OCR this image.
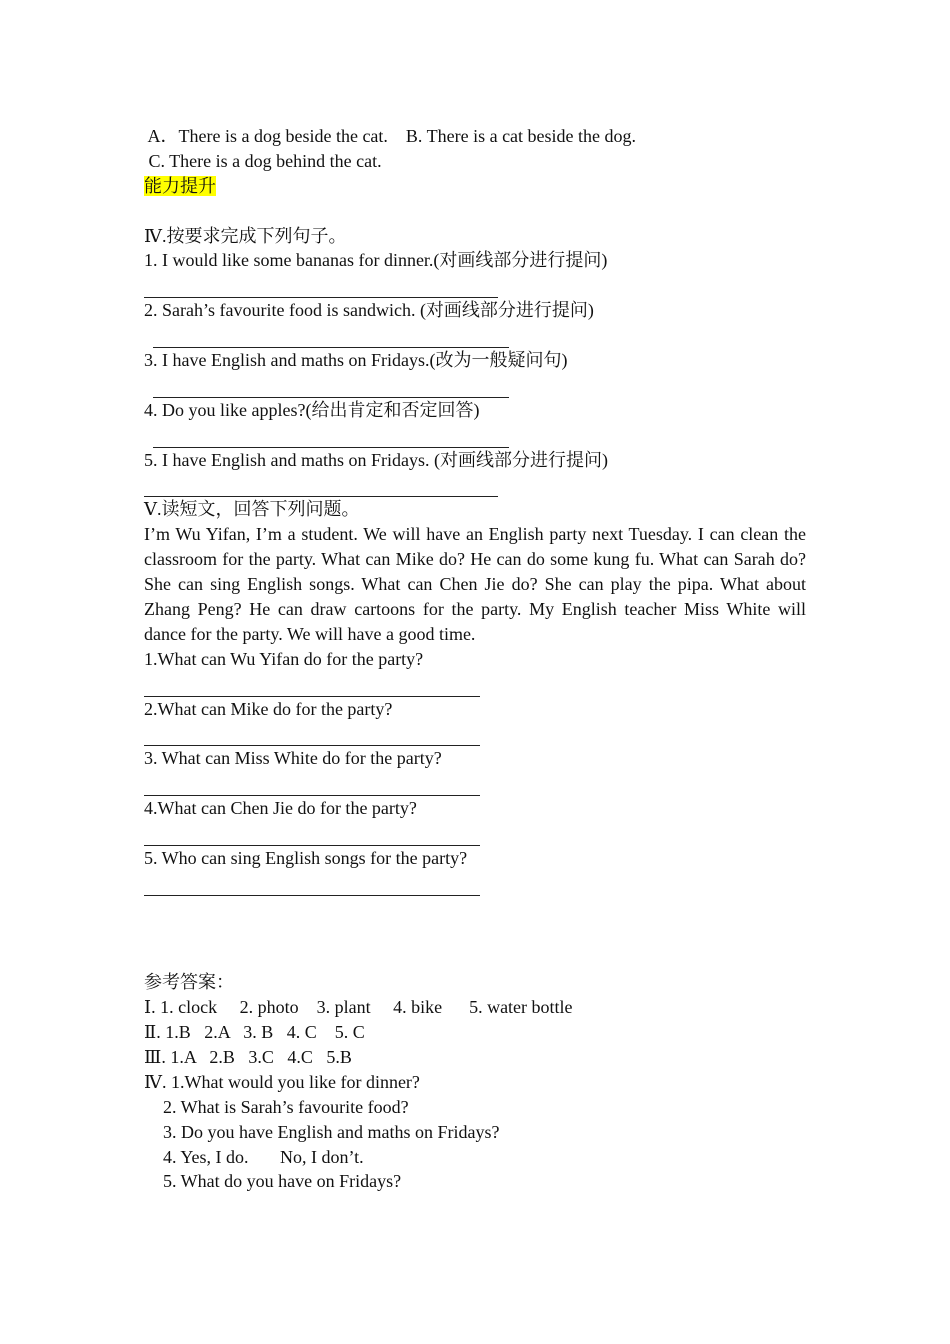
A．There is a dog beside the cat.    B. There is a cat beside the dog.
C. There is a dog behind the cat.
能力提升
Ⅳ.按要求完成下列句子。
1. I would like some bananas for dinner.(对画线部分进行提问)
2. Sarah’s favourite food is sandwich. (对画线部分进行提问)
3. I have English and maths on Fridays.(改为一般疑问句)
4. Do you like apples?(给出肯定和否定回答)
5. I have English and maths on Fridays. (对画线部分进行提问)
Ⅴ.读短文，回答下列问题。
I’m Wu Yifan, I’m a student. We will have an English party next Tuesday. I can clean the classroom for the party. What can Mike do? He can do some kung fu. What can Sarah do? She can sing English songs. What can Chen Jie do? She can play the pipa. What about Zhang Peng? He can draw cartoons for the party. My English teacher Miss White will dance for the party. We will have a good time.
1.What can Wu Yifan do for the party?
2.What can Mike do for the party?
3. What can Miss White do for the party?
4.What can Chen Jie do for the party?
5. Who can sing English songs for the party?
参考答案：
Ⅰ. 1. clock     2. photo    3. plant     4. bike      5. water bottle
Ⅱ. 1.B   2.A   3. B   4. C    5. C
Ⅲ. 1.A   2.B   3.C   4.C   5.B
Ⅳ. 1.What would you like for dinner?
2. What is Sarah’s favourite food?
3. Do you have English and maths on Fridays?
4. Yes, I do.       No, I don’t.
5. What do you have on Fridays?
